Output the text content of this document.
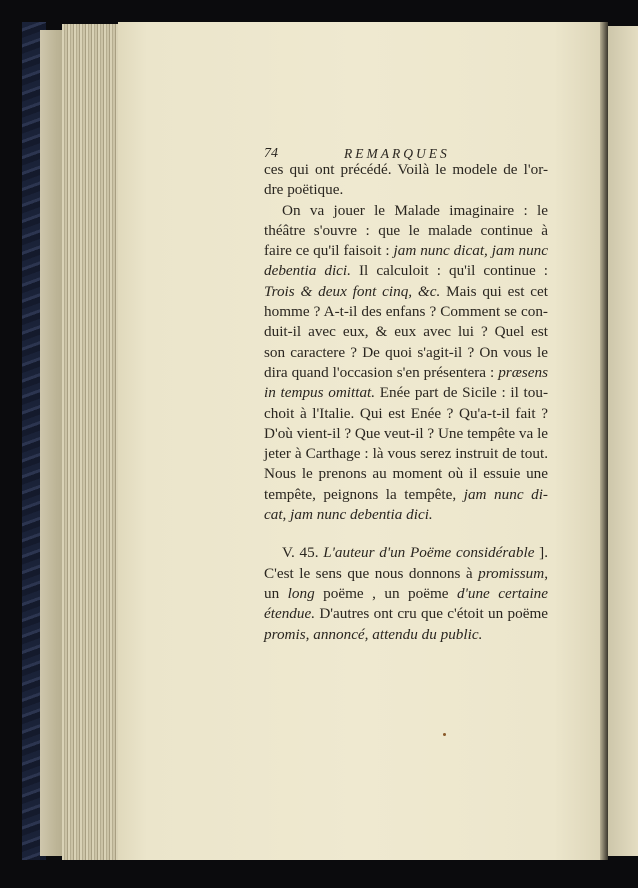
74	REMARQUES
ces qui ont précédé. Voilà le modele de l'or-
dre poëtique.
On va jouer le Malade imaginaire : le
théâtre s'ouvre : que le malade continue à
faire ce qu'il faisoit : jam nunc dicat, jam nunc
debentia dici. Il calculoit : qu'il continue :
Trois & deux font cinq, &c. Mais qui est cet
homme ? A-t-il des enfans ? Comment se con-
duit-il avec eux, & eux avec lui ? Quel est
son caractere ? De quoi s'agit-il ? On vous le
dira quand l'occasion s'en présentera : præsens
in tempus omittat. Enée part de Sicile : il tou-
choit à l'Italie. Qui est Enée ? Qu'a-t-il fait ?
D'où vient-il ? Que veut-il ? Une tempête va le
jeter à Carthage : là vous serez instruit de tout.
Nous le prenons au moment où il essuie une
tempête, peignons la tempête, jam nunc di-
cat, jam nunc debentia dici.
V. 45. L'auteur d'un Poëme considérable ].
C'est le sens que nous donnons à promissum,
un long poëme , un poëme d'une certaine
étendue. D'autres ont cru que c'étoit un poëme
promis, annoncé, attendu du public.
